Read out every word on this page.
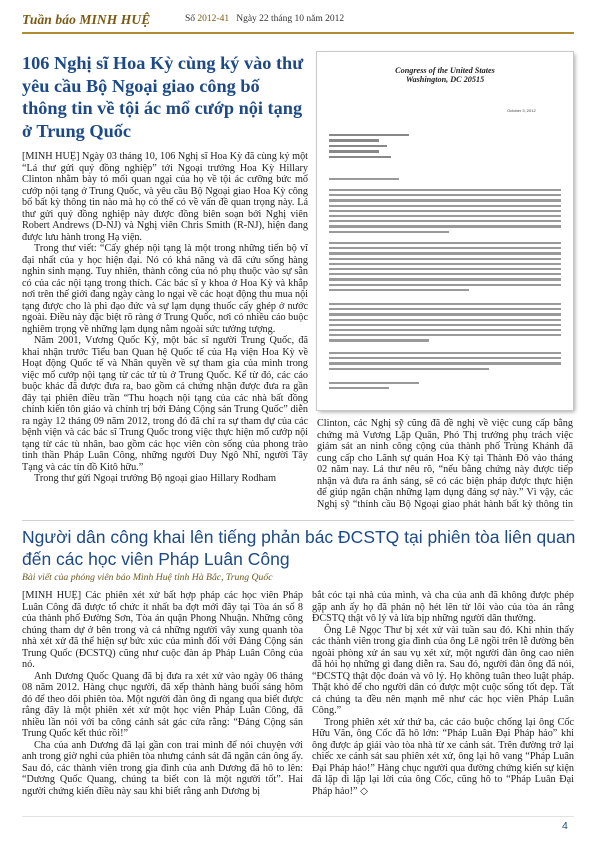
Tuần báo MINH HUỆ	Số 2012-41 Ngày 22 tháng 10 năm 2012
106 Nghị sĩ Hoa Kỳ cùng ký vào thư yêu cầu Bộ Ngoại giao công bố thông tin về tội ác mổ cướp nội tạng ở Trung Quốc
Congress of the United States
Washington, DC 20515
October 3, 2012

[MINH HUỆ] Ngày 03 tháng 10, 106 Nghị sĩ Hoa Kỳ đã cùng ký một “Lá thư gửi quý đồng nghiệp” tới Ngoại trưởng Hoa Kỳ Hillary Clinton nhằm bày tỏ mối quan ngại của họ về tội ác cưỡng bức mổ cướp nội tạng ở Trung Quốc, và yêu cầu Bộ Ngoại giao Hoa Kỳ công bố bất kỳ thông tin nào mà họ có thể có về vấn đề quan trọng này. Lá thư gửi quý đồng nghiệp này được đồng biên soạn bởi Nghị viên Robert Andrews (D-NJ) và Nghị viên Chris Smith (R-NJ), hiện đang được lưu hành trong Hạ viện.

Trong thư viết: “Cấy ghép nội tạng là một trong những tiến bộ vĩ đại nhất của y học hiện đại. Nó có khả năng và đã cứu sống hàng nghìn sinh mạng. Tuy nhiên, thành công của nó phụ thuộc vào sự sẵn có của các nội tạng trong thích. Các bác sĩ y khoa ở Hoa Kỳ và khắp nơi trên thế giới đang ngày càng lo ngại về các hoạt động thu mua nội tạng được cho là phi đạo đức và sự lạm dụng thuốc cấy ghép ở nước ngoài. Điều này đặc biệt rõ ràng ở Trung Quốc, nơi có nhiều cáo buộc nghiêm trọng về những lạm dụng nằm ngoài sức tưởng tượng.

Năm 2001, Vương Quốc Kỳ, một bác sĩ người Trung Quốc, đã khai nhận trước Tiểu ban Quan hệ Quốc tế của Hạ viện Hoa Kỳ về Hoạt động Quốc tế và Nhân quyền về sự tham gia của mình trong việc mổ cướp nội tạng từ các tử tù ở Trung Quốc. Kể từ đó, các cáo buộc khác đã được đưa ra, bao gồm cả chứng nhận được đưa ra gần đây tại phiên điều trần “Thu hoạch nội tạng của các nhà bất đồng chính kiến tôn giáo và chính trị bởi Đảng Cộng sản Trung Quốc” diễn ra ngày 12 tháng 09 năm 2012, trong đó đã chỉ ra sự tham dự của các bệnh viện và các bác sĩ Trung Quốc trong việc thực hiện mổ cướp nội tạng từ các tù nhân, bao gồm các học viên còn sống của phong trào tinh thần Pháp Luân Công, những người Duy Ngô Nhĩ, người Tây Tạng và các tín đồ Kitô hữu.”

Trong thư gửi Ngoại trưởng Bộ ngoại giao Hillary Rodham

Clinton, các Nghị sỹ cũng đã đề nghị về việc cung cấp bằng chứng mà Vương Lập Quân, Phó Thị trưởng phụ trách việc giám sát an ninh công cộng của thành phố Trùng Khánh đã cung cấp cho Lãnh sự quán Hoa Kỳ tại Thành Đô vào tháng 02 năm nay. Lá thư nêu rõ, “nếu bằng chứng này được tiếp nhận và đưa ra ánh sáng, sẽ có các biện pháp được thực hiện để giúp ngăn chặn những lạm dụng đáng sợ này.” Vì vậy, các Nghị sỹ “thỉnh cầu Bộ Ngoại giao phát hành bất kỳ thông tin

Người dân công khai lên tiếng phản bác ĐCSTQ tại phiên tòa liên quan đến các học viên Pháp Luân Công
Bài viết của phóng viên báo Minh Huệ tỉnh Hà Bắc, Trung Quốc

[MINH HUỆ] Các phiên xét xử bất hợp pháp các học viên Pháp Luân Công đã được tổ chức ít nhất ba đợt mới đây tại Tòa án số 8 của thành phố Đường Sơn, Tòa án quận Phong Nhuận. Những công chúng tham dự ở bên trong và cả những người vây xung quanh tòa nhà xét xử đã thể hiện sự bức xúc của mình đối với Đảng Cộng sản Trung Quốc (ĐCSTQ) cũng như cuộc đàn áp Pháp Luân Công của nó.

Anh Dương Quốc Quang đã bị đưa ra xét xử vào ngày 06 tháng 08 năm 2012. Hàng chục người, đã xếp thành hàng buổi sáng hôm đó để theo dõi phiên tòa. Một người đàn ông đi ngang qua biết được rằng đây là một phiên xét xử một học viên Pháp Luân Công, đã nhiều lần nói với ba công cảnh sát gác cửa rằng: “Đảng Cộng sản Trung Quốc kết thúc rồi!”

Cha của anh Dương đã lại gần con trai mình để nói chuyện với anh trong giờ nghỉ của phiên tòa nhưng cảnh sát đã ngăn cản ông ấy. Sau đó, các thành viên trong gia đình của anh Dương đã hô to lên: “Dương Quốc Quang, chúng ta biết con là một người tốt”. Hai người chứng kiến điều này sau khi biết rằng anh Dương bị

bắt cóc tại nhà của mình, và cha của anh đã không được phép gặp anh ấy họ đã phản nộ hét lên từ lôi vào của tòa án rằng ĐCSTQ thật vô lý và lừa bịp những người dân thường.

Ông Lê Ngọc Thư bị xét xử vài tuần sau đó. Khi nhìn thấy các thành viên trong gia đình của ông Lê ngồi trên lễ đường bên ngoài phòng xử án sau vụ xét xử, một người đàn ông cao niên đã hỏi họ những gì đang diễn ra. Sau đó, người đàn ông đã nói, “ĐCSTQ thật độc đoán và vô lý. Họ không tuân theo luật pháp. Thật khó để cho người dân có được một cuộc sống tốt đẹp. Tất cả chúng ta đều nên mạnh mẽ như các học viên Pháp Luân Công.”

Trong phiên xét xử thứ ba, các cáo buộc chống lại ông Cốc Hữu Văn, ông Cốc đã hô lớn: “Pháp Luân Đại Pháp hảo” khi ông được áp giải vào tòa nhà từ xe cảnh sát. Trên đường trở lại chiếc xe cảnh sát sau phiên xét xử, ông lại hô vang “Pháp Luân Đại Pháp hảo!” Hàng chục người qua đường chứng kiến sự kiện đã lặp đi lặp lại lời của ông Cốc, cũng hô to “Pháp Luân Đại Pháp hảo!” ◇

4
